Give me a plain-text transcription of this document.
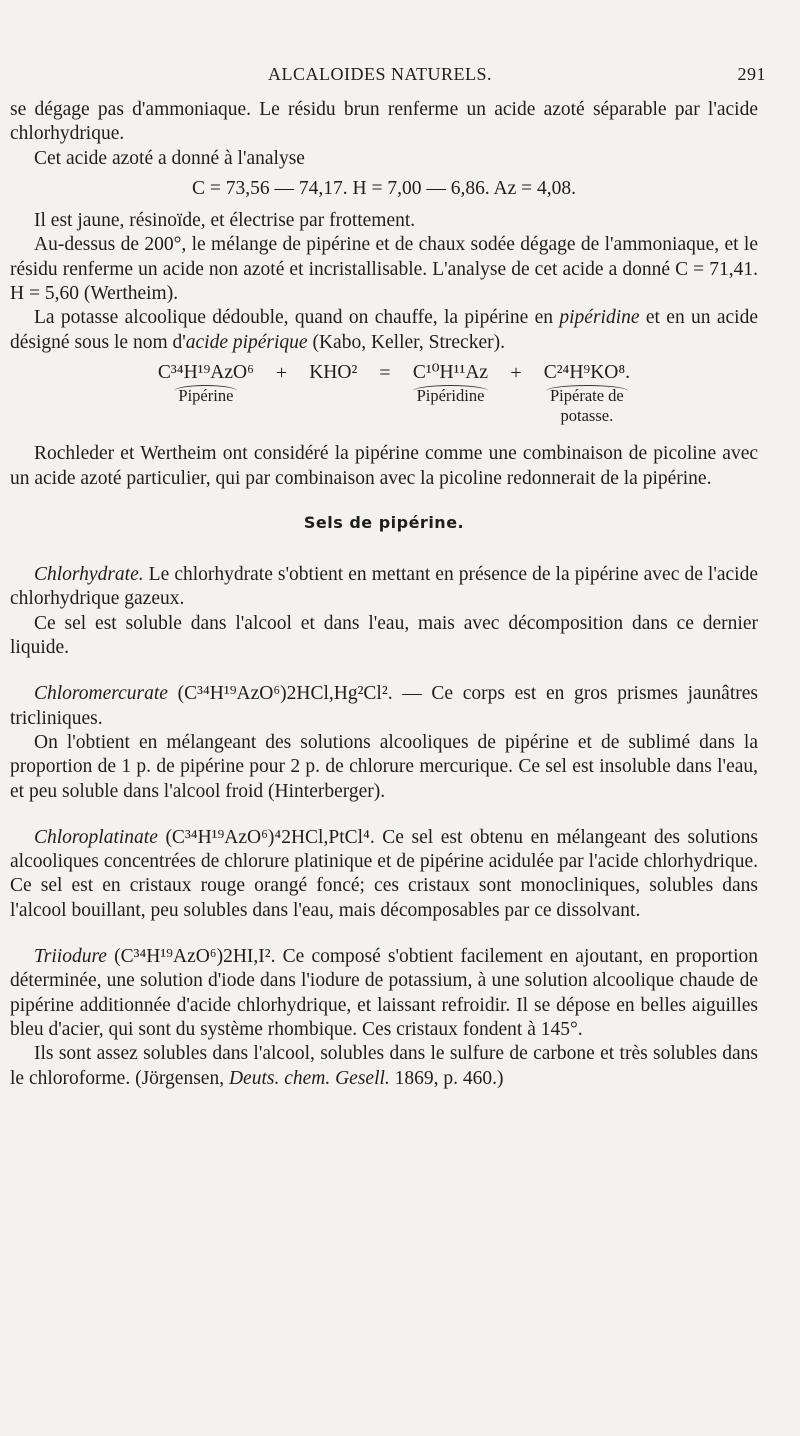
ALCALOIDES NATURELS.	291

se dégage pas d'ammoniaque. Le résidu brun renferme un acide azoté séparable par l'acide chlorhydrique.

Cet acide azoté a donné à l'analyse

C = 73,56 — 74,17. H = 7,00 — 6,86. Az = 4,08.

Il est jaune, résinoïde, et électrise par frottement.

Au-dessus de 200°, le mélange de pipérine et de chaux sodée dégage de l'ammoniaque, et le résidu renferme un acide non azoté et incristallisable. L'analyse de cet acide a donné C = 71,41. H = 5,60 (Wertheim).

La potasse alcoolique dédouble, quand on chauffe, la pipérine en pipéridine et en un acide désigné sous le nom d'acide pipérique (Kabo, Keller, Strecker).

C³⁴H¹⁹AzO⁶
Pipérine
+ KHO² = C¹⁰H¹¹Az
Pipéridine
+ C²⁴H⁹KO⁸.
Pipérate de
potasse.

Rochleder et Wertheim ont considéré la pipérine comme une combinaison de picoline avec un acide azoté particulier, qui par combinaison avec la picoline redonnerait de la pipérine.

Sels de pipérine.

Chlorhydrate. Le chlorhydrate s'obtient en mettant en présence de la pipérine avec de l'acide chlorhydrique gazeux.

Ce sel est soluble dans l'alcool et dans l'eau, mais avec décomposition dans ce dernier liquide.

Chloromercurate (C³⁴H¹⁹AzO⁶)2HCl,Hg²Cl². — Ce corps est en gros prismes jaunâtres tricliniques.

On l'obtient en mélangeant des solutions alcooliques de pipérine et de sublimé dans la proportion de 1 p. de pipérine pour 2 p. de chlorure mercurique. Ce sel est insoluble dans l'eau, et peu soluble dans l'alcool froid (Hinterberger).

Chloroplatinate (C³⁴H¹⁹AzO⁶)⁴2HCl,PtCl⁴. Ce sel est obtenu en mélangeant des solutions alcooliques concentrées de chlorure platinique et de pipérine acidulée par l'acide chlorhydrique. Ce sel est en cristaux rouge orangé foncé; ces cristaux sont monocliniques, solubles dans l'alcool bouillant, peu solubles dans l'eau, mais décomposables par ce dissolvant.

Triiodure (C³⁴H¹⁹AzO⁶)2HI,I². Ce composé s'obtient facilement en ajoutant, en proportion déterminée, une solution d'iode dans l'iodure de potassium, à une solution alcoolique chaude de pipérine additionnée d'acide chlorhydrique, et laissant refroidir. Il se dépose en belles aiguilles bleu d'acier, qui sont du système rhombique. Ces cristaux fondent à 145°.

Ils sont assez solubles dans l'alcool, solubles dans le sulfure de carbone et très solubles dans le chloroforme. (Jörgensen, Deuts. chem. Gesell. 1869, p. 460.)
